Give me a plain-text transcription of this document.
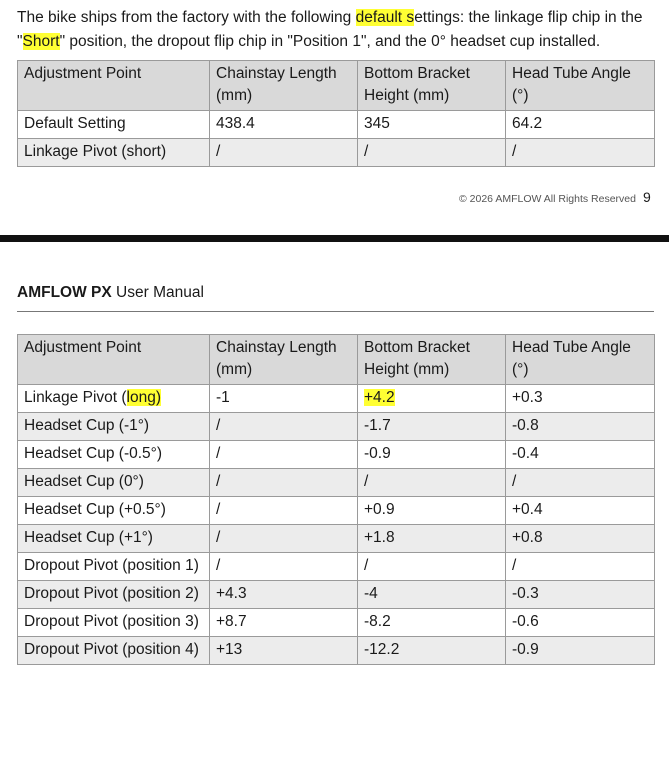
The bike ships from the factory with the following default settings: the linkage flip chip in the "Short" position, the dropout flip chip in "Position 1", and the 0° headset cup installed.

Adjustment Point	Chainstay Length (mm)	Bottom Bracket Height (mm)	Head Tube Angle (°)
Default Setting	438.4	345	64.2
Linkage Pivot (short)	/	/	/
© 2026 AMFLOW All Rights Reserved 9
AMFLOW PX User Manual
Adjustment Point	Chainstay Length (mm)	Bottom Bracket Height (mm)	Head Tube Angle (°)
Linkage Pivot (long)	-1	+4.2	+0.3
Headset Cup (-1°)	/	-1.7	-0.8
Headset Cup (-0.5°)	/	-0.9	-0.4
Headset Cup (0°)	/	/	/
Headset Cup (+0.5°)	/	+0.9	+0.4
Headset Cup (+1°)	/	+1.8	+0.8
Dropout Pivot (position 1)	/	/	/
Dropout Pivot (position 2)	+4.3	-4	-0.3
Dropout Pivot (position 3)	+8.7	-8.2	-0.6
Dropout Pivot (position 4)	+13	-12.2	-0.9
